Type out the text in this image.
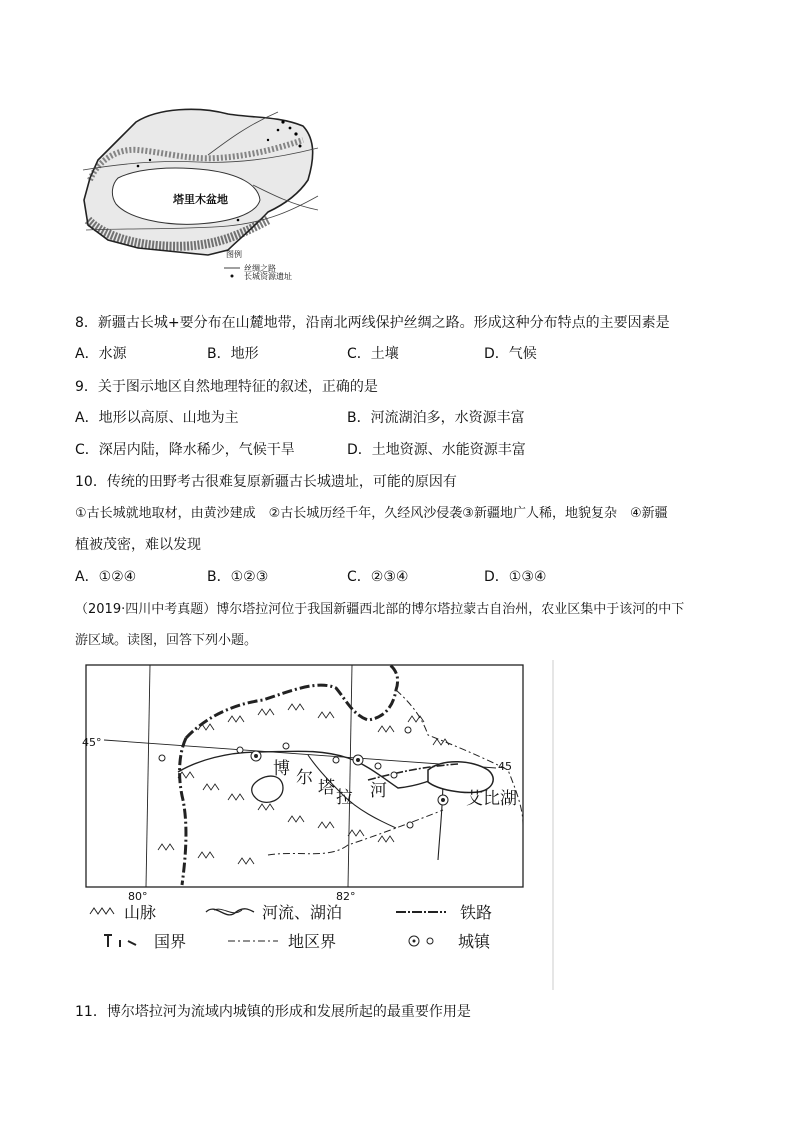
塔里木盆地
图例
丝绸之路
长城资源遗址
8．新疆古长城+要分布在山麓地带，沿南北两线保护丝绸之路。形成这种分布特点的主要因素是
A．水源	B．地形	C．土壤	D．气候
9．关于图示地区自然地理特征的叙述，正确的是
A．地形以高原、山地为主	B．河流湖泊多，水资源丰富
C．深居内陆，降水稀少，气候干旱	D．土地资源、水能资源丰富
10．传统的田野考古很难复原新疆古长城遗址，可能的原因有
①古长城就地取材，由黄沙建成　②古长城历经千年，久经风沙侵袭③新疆地广人稀，地貌复杂　④新疆
植被茂密，难以发现
A．①②④	B．①②③	C．②③④	D．①③④
（2019·四川中考真题）博尔塔拉河位于我国新疆西北部的博尔塔拉蒙古自治州，农业区集中于该河的中下
游区域。读图，回答下列小题。
45°
45
80°	82°
博 尔 塔 拉 河	艾比湖
山脉	河流、湖泊	铁路
国界	地区界	城镇
11．博尔塔拉河为流域内城镇的形成和发展所起的最重要作用是
